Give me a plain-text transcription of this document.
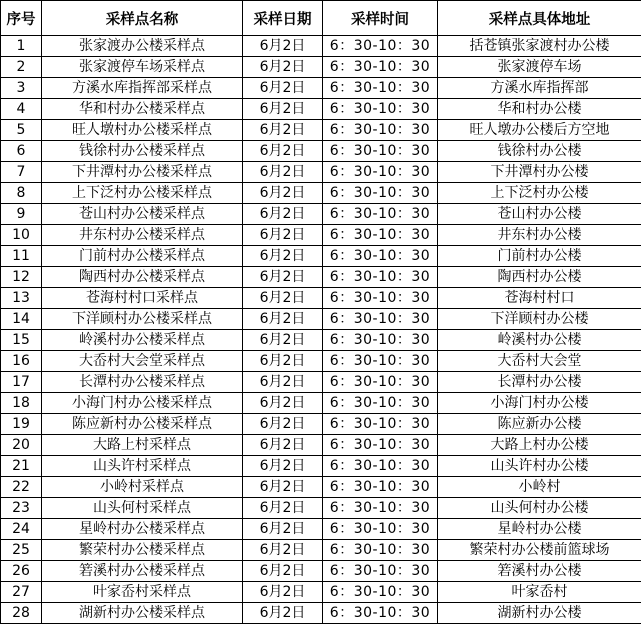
序号	采样点名称	采样日期	采样时间	采样点具体地址
1	张家渡办公楼采样点	6月2日	6：30-10：30	括苍镇张家渡村办公楼
2	张家渡停车场采样点	6月2日	6：30-10：30	张家渡停车场
3	方溪水库指挥部采样点	6月2日	6：30-10：30	方溪水库指挥部
4	华和村办公楼采样点	6月2日	6：30-10：30	华和村办公楼
5	旺人墩村办公楼采样点	6月2日	6：30-10：30	旺人墩办公楼后方空地
6	钱徐村办公楼采样点	6月2日	6：30-10：30	钱徐村办公楼
7	下井潭村办公楼采样点	6月2日	6：30-10：30	下井潭村办公楼
8	上下泛村办公楼采样点	6月2日	6：30-10：30	上下泛村办公楼
9	苍山村办公楼采样点	6月2日	6：30-10：30	苍山村办公楼
10	井东村办公楼采样点	6月2日	6：30-10：30	井东村办公楼
11	门前村办公楼采样点	6月2日	6：30-10：30	门前村办公楼
12	陶西村办公楼采样点	6月2日	6：30-10：30	陶西村办公楼
13	苍海村村口采样点	6月2日	6：30-10：30	苍海村村口
14	下洋顾村办公楼采样点	6月2日	6：30-10：30	下洋顾村办公楼
15	岭溪村办公楼采样点	6月2日	6：30-10：30	岭溪村办公楼
16	大岙村大会堂采样点	6月2日	6：30-10：30	大岙村大会堂
17	长潭村办公楼采样点	6月2日	6：30-10：30	长潭村办公楼
18	小海门村办公楼采样点	6月2日	6：30-10：30	小海门村办公楼
19	陈应新村办公楼采样点	6月2日	6：30-10：30	陈应新办公楼
20	大路上村采样点	6月2日	6：30-10：30	大路上村办公楼
21	山头许村采样点	6月2日	6：30-10：30	山头许村办公楼
22	小岭村采样点	6月2日	6：30-10：30	小岭村
23	山头何村采样点	6月2日	6：30-10：30	山头何村办公楼
24	星岭村办公楼采样点	6月2日	6：30-10：30	星岭村办公楼
25	繁荣村办公楼采样点	6月2日	6：30-10：30	繁荣村办公楼前篮球场
26	箬溪村办公楼采样点	6月2日	6：30-10：30	箬溪村办公楼
27	叶家岙村采样点	6月2日	6：30-10：30	叶家岙村
28	湖新村办公楼采样点	6月2日	6：30-10：30	湖新村办公楼
